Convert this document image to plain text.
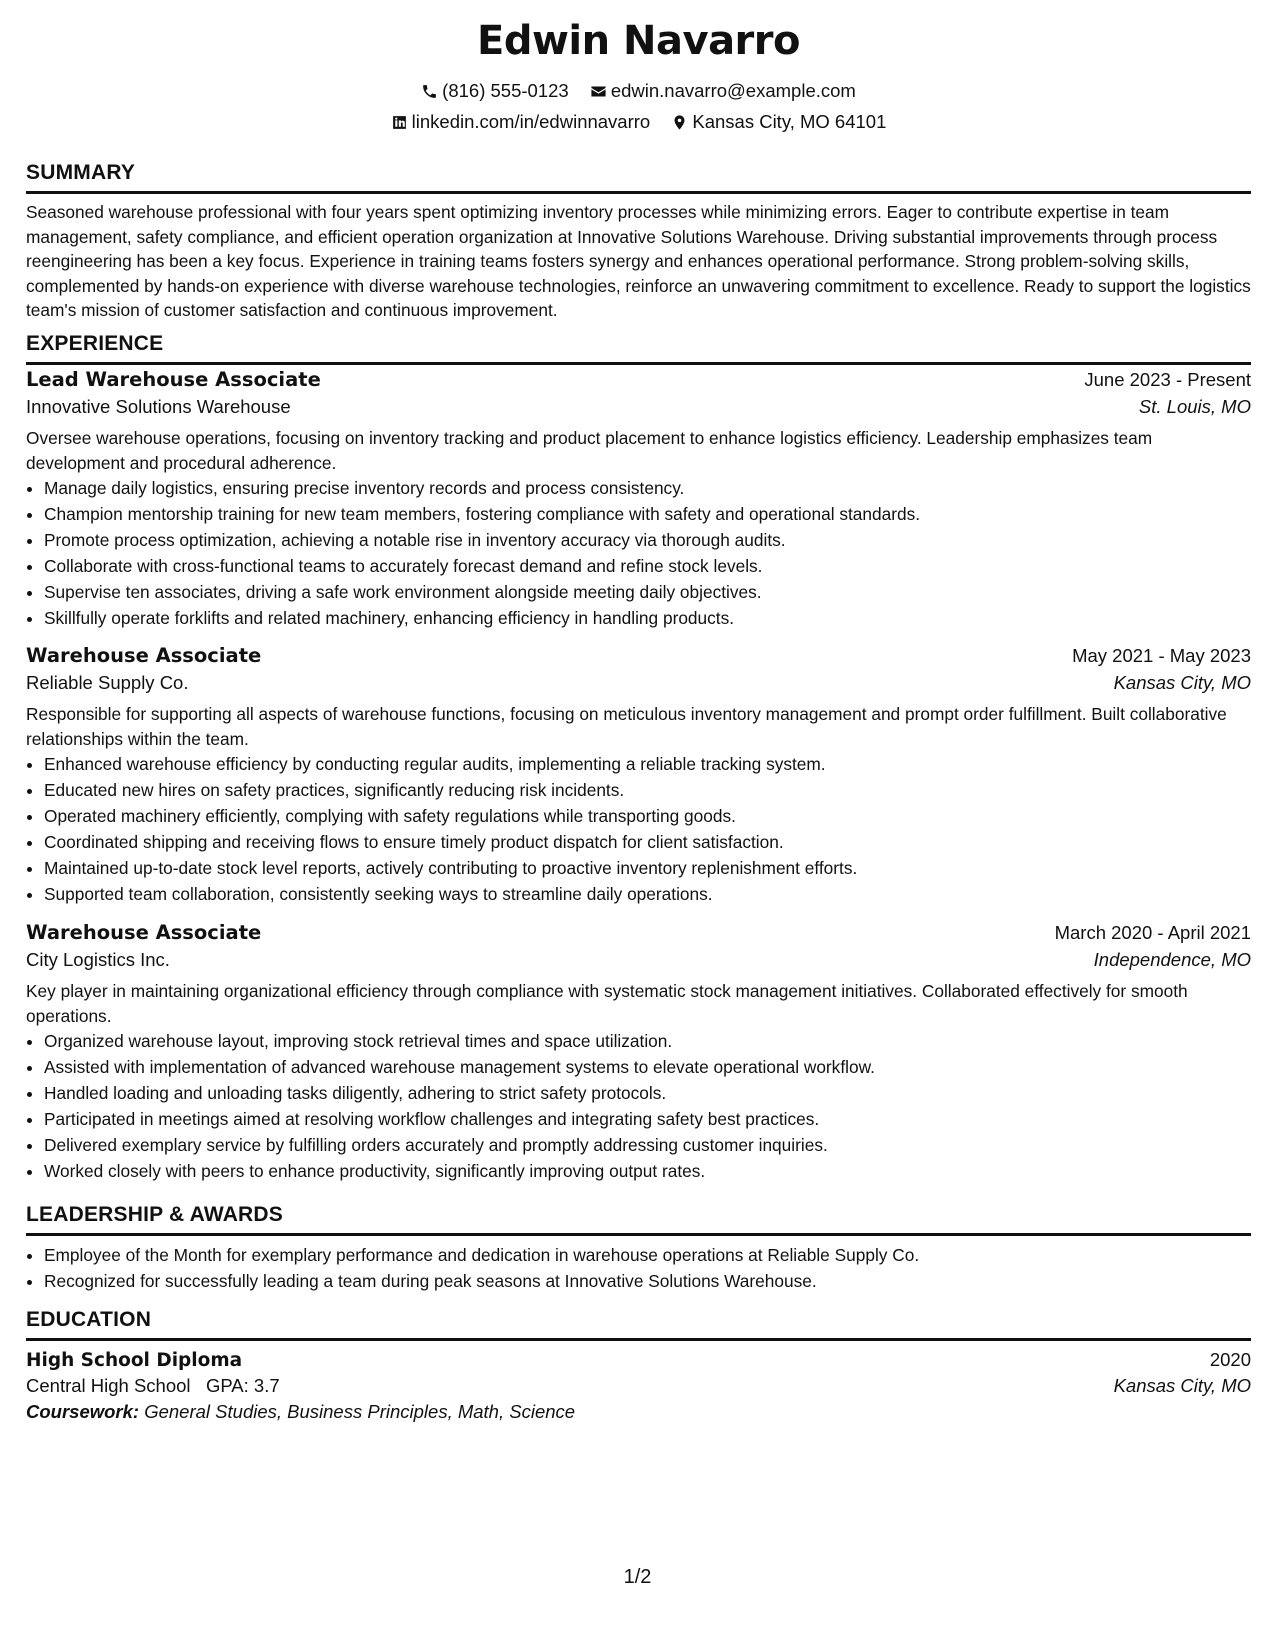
Edwin Navarro
(816) 555-0123
edwin.navarro@example.com
linkedin.com/in/edwinnavarro
Kansas City, MO 64101
SUMMARY
Seasoned warehouse professional with four years spent optimizing inventory processes while minimizing errors. Eager to contribute expertise in team management, safety compliance, and efficient operation organization at Innovative Solutions Warehouse. Driving substantial improvements through process reengineering has been a key focus. Experience in training teams fosters synergy and enhances operational performance. Strong problem-solving skills, complemented by hands-on experience with diverse warehouse technologies, reinforce an unwavering commitment to excellence. Ready to support the logistics team's mission of customer satisfaction and continuous improvement.
EXPERIENCE
Lead Warehouse Associate	June 2023 - Present
Innovative Solutions Warehouse	St. Louis, MO
Oversee warehouse operations, focusing on inventory tracking and product placement to enhance logistics efficiency. Leadership emphasizes team development and procedural adherence.
• Manage daily logistics, ensuring precise inventory records and process consistency.
• Champion mentorship training for new team members, fostering compliance with safety and operational standards.
• Promote process optimization, achieving a notable rise in inventory accuracy via thorough audits.
• Collaborate with cross-functional teams to accurately forecast demand and refine stock levels.
• Supervise ten associates, driving a safe work environment alongside meeting daily objectives.
• Skillfully operate forklifts and related machinery, enhancing efficiency in handling products.
Warehouse Associate	May 2021 - May 2023
Reliable Supply Co.	Kansas City, MO
Responsible for supporting all aspects of warehouse functions, focusing on meticulous inventory management and prompt order fulfillment. Built collaborative relationships within the team.
• Enhanced warehouse efficiency by conducting regular audits, implementing a reliable tracking system.
• Educated new hires on safety practices, significantly reducing risk incidents.
• Operated machinery efficiently, complying with safety regulations while transporting goods.
• Coordinated shipping and receiving flows to ensure timely product dispatch for client satisfaction.
• Maintained up-to-date stock level reports, actively contributing to proactive inventory replenishment efforts.
• Supported team collaboration, consistently seeking ways to streamline daily operations.
Warehouse Associate	March 2020 - April 2021
City Logistics Inc.	Independence, MO
Key player in maintaining organizational efficiency through compliance with systematic stock management initiatives. Collaborated effectively for smooth operations.
• Organized warehouse layout, improving stock retrieval times and space utilization.
• Assisted with implementation of advanced warehouse management systems to elevate operational workflow.
• Handled loading and unloading tasks diligently, adhering to strict safety protocols.
• Participated in meetings aimed at resolving workflow challenges and integrating safety best practices.
• Delivered exemplary service by fulfilling orders accurately and promptly addressing customer inquiries.
• Worked closely with peers to enhance productivity, significantly improving output rates.
LEADERSHIP & AWARDS
• Employee of the Month for exemplary performance and dedication in warehouse operations at Reliable Supply Co.
• Recognized for successfully leading a team during peak seasons at Innovative Solutions Warehouse.
EDUCATION
High School Diploma	2020
Central High School GPA: 3.7	Kansas City, MO
Coursework: General Studies, Business Principles, Math, Science
1/2
